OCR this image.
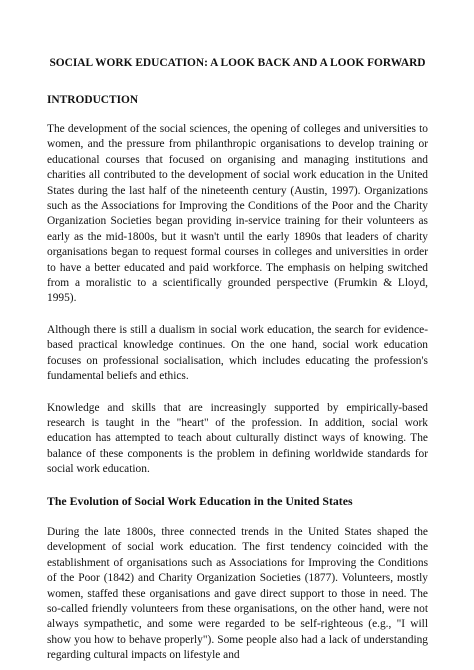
SOCIAL WORK EDUCATION: A LOOK BACK AND A LOOK FORWARD
INTRODUCTION

The development of the social sciences, the opening of colleges and universities to women, and the pressure from philanthropic organisations to develop training or educational courses that focused on organising and managing institutions and charities all contributed to the development of social work education in the United States during the last half of the nineteenth century (Austin, 1997). Organizations such as the Associations for Improving the Conditions of the Poor and the Charity Organization Societies began providing in-service training for their volunteers as early as the mid-1800s, but it wasn't until the early 1890s that leaders of charity organisations began to request formal courses in colleges and universities in order to have a better educated and paid workforce. The emphasis on helping switched from a moralistic to a scientifically grounded perspective (Frumkin & Lloyd, 1995).

Although there is still a dualism in social work education, the search for evidence-based practical knowledge continues. On the one hand, social work education focuses on professional socialisation, which includes educating the profession's fundamental beliefs and ethics.

Knowledge and skills that are increasingly supported by empirically-based research is taught in the "heart" of the profession. In addition, social work education has attempted to teach about culturally distinct ways of knowing. The balance of these components is the problem in defining worldwide standards for social work education.

The Evolution of Social Work Education in the United States

During the late 1800s, three connected trends in the United States shaped the development of social work education. The first tendency coincided with the establishment of organisations such as Associations for Improving the Conditions of the Poor (1842) and Charity Organization Societies (1877). Volunteers, mostly women, staffed these organisations and gave direct support to those in need. The so-called friendly volunteers from these organisations, on the other hand, were not always sympathetic, and some were regarded to be self-righteous (e.g., "I will show you how to behave properly"). Some people also had a lack of understanding regarding cultural impacts on lifestyle and
